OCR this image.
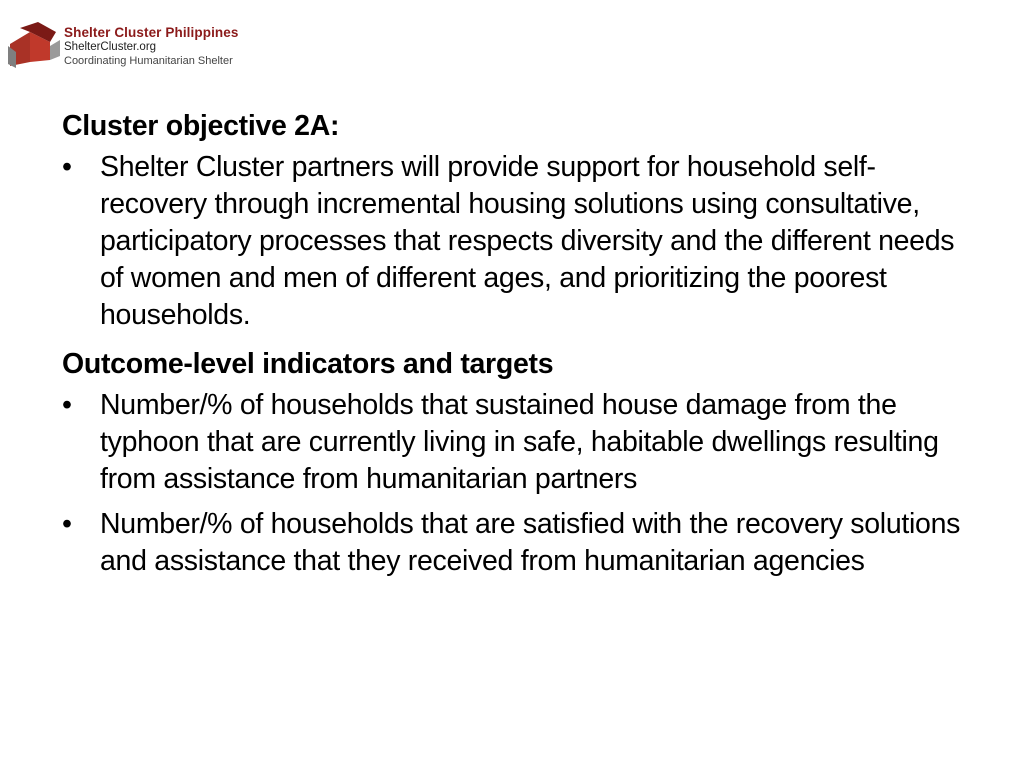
Shelter Cluster Philippines
ShelterCluster.org
Coordinating Humanitarian Shelter

Cluster objective 2A:

• Shelter Cluster partners will provide support for household self-recovery through incremental housing solutions using consultative, participatory processes that respects diversity and the different needs of women and men of different ages, and prioritizing the poorest households.

Outcome-level indicators and targets

• Number/% of households that sustained house damage from the typhoon that are currently living in safe, habitable dwellings resulting from assistance from humanitarian partners
• Number/% of households that are satisfied with the recovery solutions and assistance that they received from humanitarian agencies
